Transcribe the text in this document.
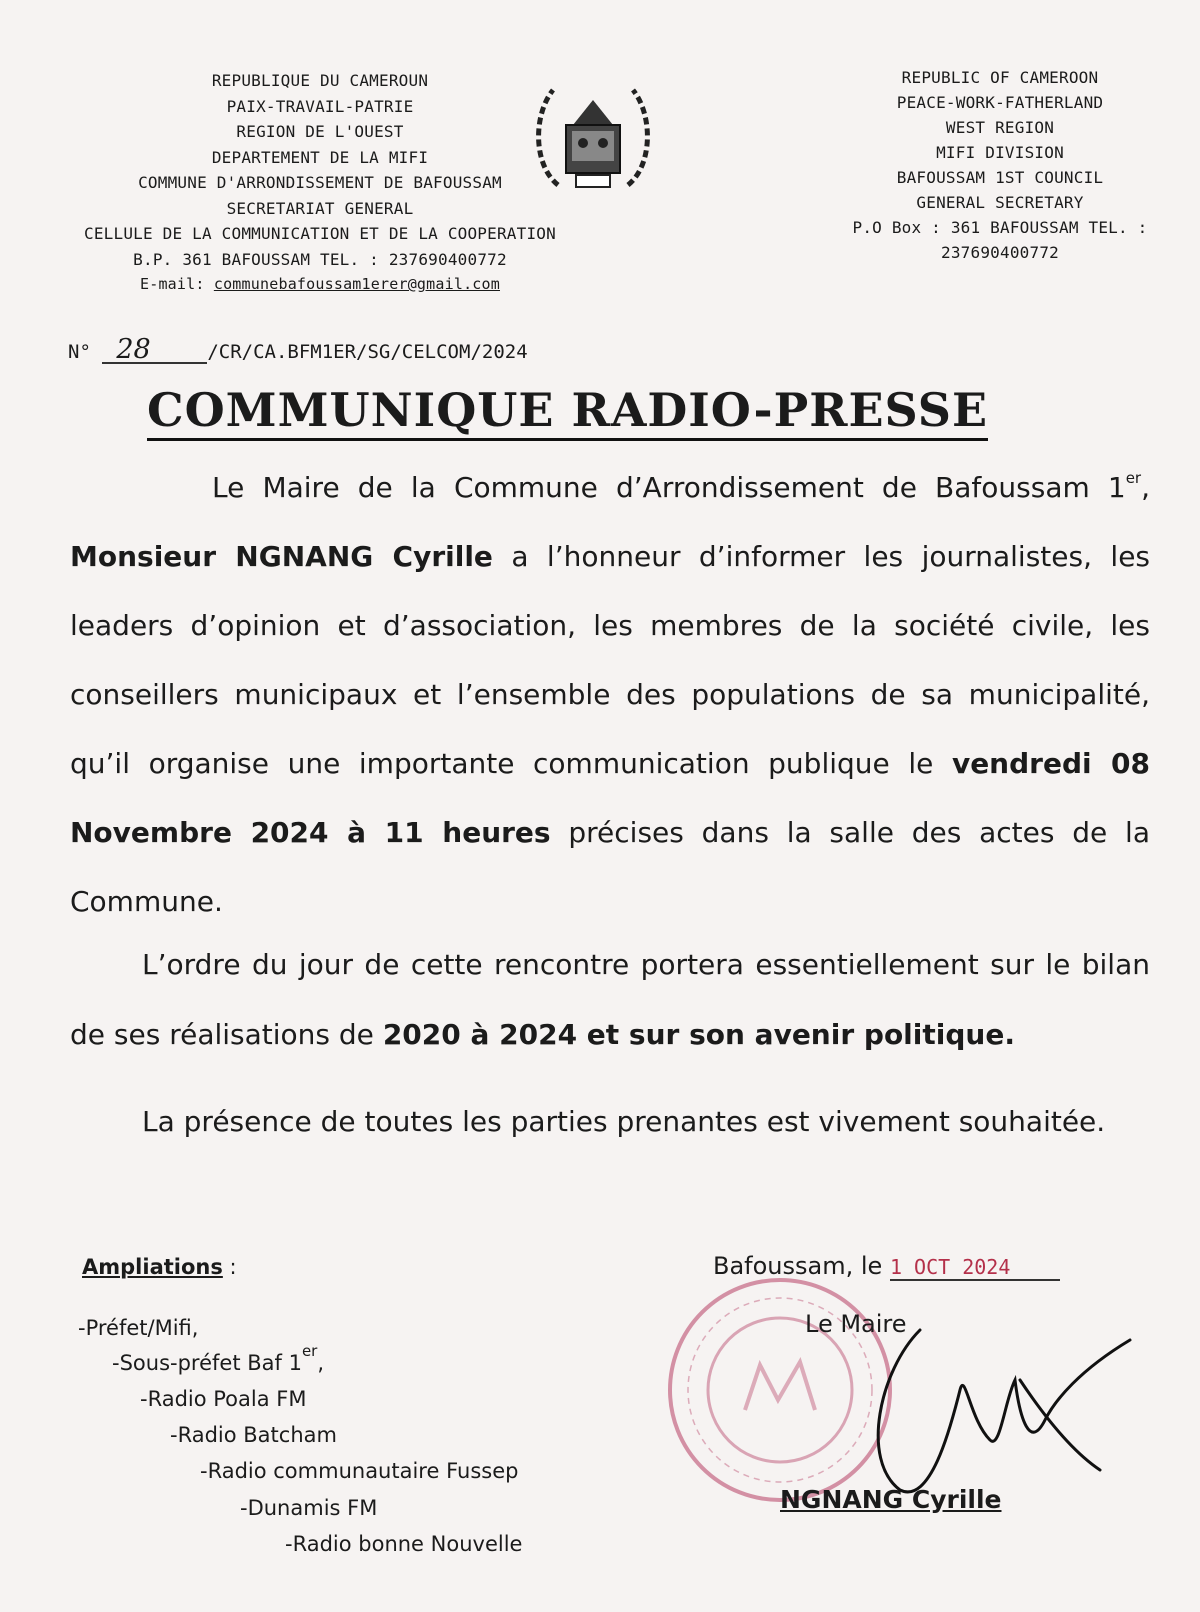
REPUBLIQUE DU CAMEROUN
PAIX-TRAVAIL-PATRIE
REGION DE L'OUEST
DEPARTEMENT DE LA MIFI
COMMUNE D'ARRONDISSEMENT DE BAFOUSSAM
SECRETARIAT GENERAL
CELLULE DE LA COMMUNICATION ET DE LA COOPERATION
B.P. 361 BAFOUSSAM TEL. : 237690400772
E-mail: communebafoussam1erer@gmail.com
REPUBLIC OF CAMEROON
PEACE-WORK-FATHERLAND
WEST REGION
MIFI DIVISION
BAFOUSSAM 1ST COUNCIL
GENERAL SECRETARY
P.O Box : 361 BAFOUSSAM TEL. :
237690400772
N° 28	/CR/CA.BFM1ER/SG/CELCOM/2024
COMMUNIQUE RADIO-PRESSE
Le Maire de la Commune d’Arrondissement de Bafoussam 1er, Monsieur NGNANG Cyrille a l’honneur d’informer les journalistes, les leaders d’opinion et d’association, les membres de la société civile, les conseillers municipaux et l’ensemble des populations de sa municipalité, qu’il organise une importante communication publique le vendredi 08 Novembre 2024 à 11 heures précises dans la salle des actes de la Commune.
L’ordre du jour de cette rencontre portera essentiellement sur le bilan de ses réalisations de 2020 à 2024 et sur son avenir politique.
La présence de toutes les parties prenantes est vivement souhaitée.
Ampliations :
-Préfet/Mifi,
-Sous-préfet Baf 1er,
-Radio Poala FM
-Radio Batcham
-Radio communautaire Fussep
-Dunamis FM
-Radio bonne Nouvelle
Bafoussam, le 1 OCT 2024
Le Maire
NGNANG Cyrille
